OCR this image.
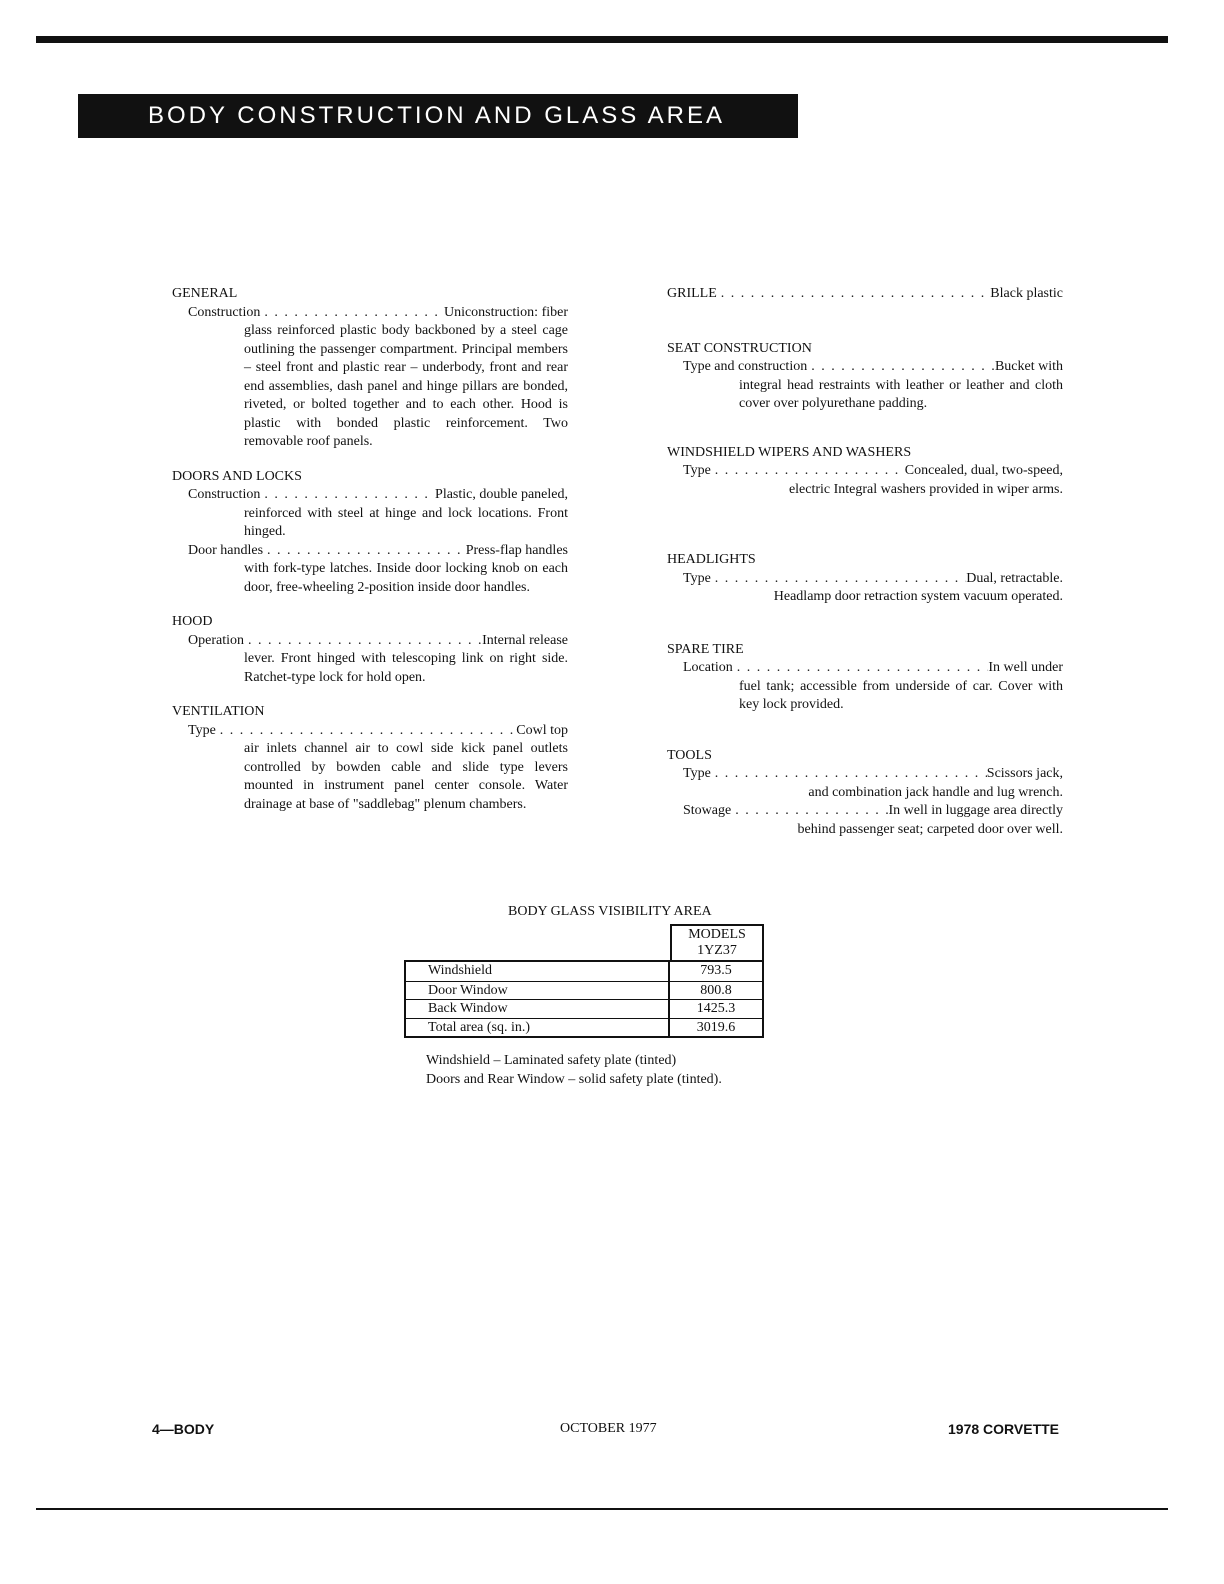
BODY CONSTRUCTION AND GLASS AREA
GENERAL
Construction . . .	Uniconstruction: fiber
glass reinforced plastic body backboned by a steel cage outlining the passenger compartment. Principal members – steel front and plastic rear – underbody, front and rear end assemblies, dash panel and hinge pillars are bonded, riveted, or bolted together and to each other. Hood is plastic with bonded plastic reinforcement. Two removable roof panels.
DOORS AND LOCKS
Construction . . .	Plastic, double paneled,
reinforced with steel at hinge and lock locations. Front hinged.
Door handles . . .	Press-flap handles
with fork-type latches. Inside door locking knob on each door, free-wheeling 2-position inside door handles.
HOOD
Operation . . .	Internal release
lever. Front hinged with telescoping link on right side. Ratchet-type lock for hold open.
VENTILATION
Type . . .	Cowl top
air inlets channel air to cowl side kick panel outlets controlled by bowden cable and slide type levers mounted in instrument panel center console. Water drainage at base of "saddlebag" plenum chambers.
GRILLE . . .	Black plastic
SEAT CONSTRUCTION
Type and construction . . .	Bucket with
integral head restraints with leather or leather and cloth cover over polyurethane padding.
WINDSHIELD WIPERS AND WASHERS
Type . . .	Concealed, dual, two-speed,
electric Integral washers provided in wiper arms.
HEADLIGHTS
Type . . .	Dual, retractable.
Headlamp door retraction system vacuum operated.
SPARE TIRE
Location . . .	In well under
fuel tank; accessible from underside of car. Cover with key lock provided.
TOOLS
Type . . .	Scissors jack,
and combination jack handle and lug wrench.
Stowage . . .	In well in luggage area directly
behind passenger seat; carpeted door over well.
BODY GLASS VISIBILITY AREA
MODELS
1YZ37
Windshield	793.5
Door Window	800.8
Back Window	1425.3
Total area (sq. in.)	3019.6
Windshield – Laminated safety plate (tinted)
Doors and Rear Window – solid safety plate (tinted).
4—BODY	OCTOBER 1977	1978 CORVETTE
